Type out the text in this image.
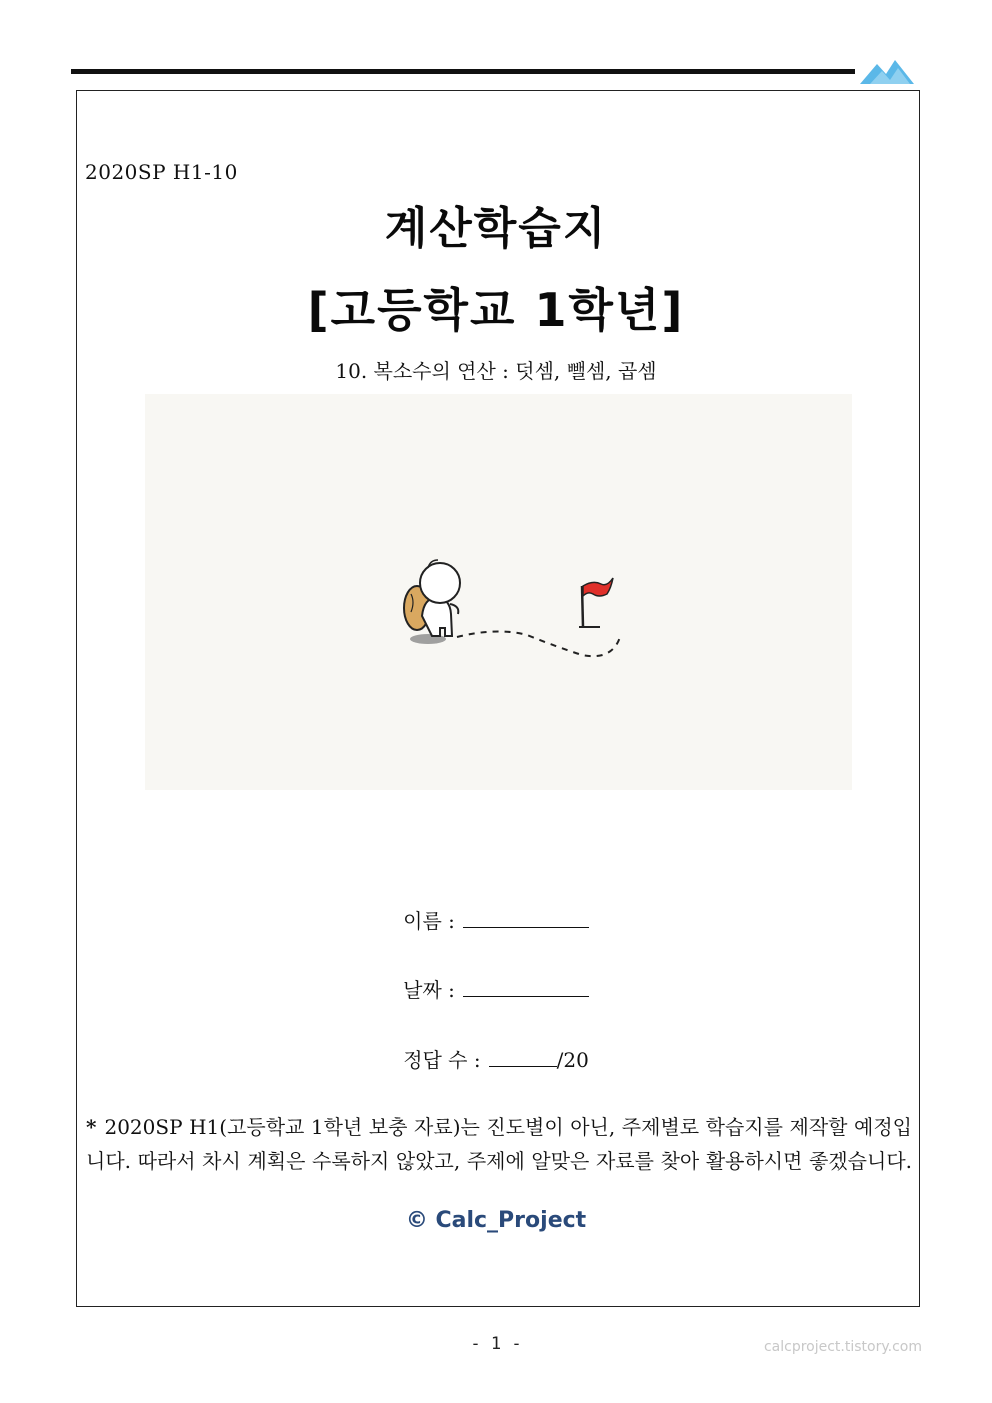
2020SP H1-10
계산학습지
[고등학교 1학년]
10. 복소수의 연산 : 덧셈, 뺄셈, 곱셈
이름 :
날짜 :
정답 수 :	/20
* 2020SP H1(고등학교 1학년 보충 자료)는 진도별이 아닌, 주제별로 학습지를 제작할 예정입
니다. 따라서 차시 계획은 수록하지 않았고, 주제에 알맞은 자료를 찾아 활용하시면 좋겠습니다.
© Calc_Project
- 1 -	calcproject.tistory.com
